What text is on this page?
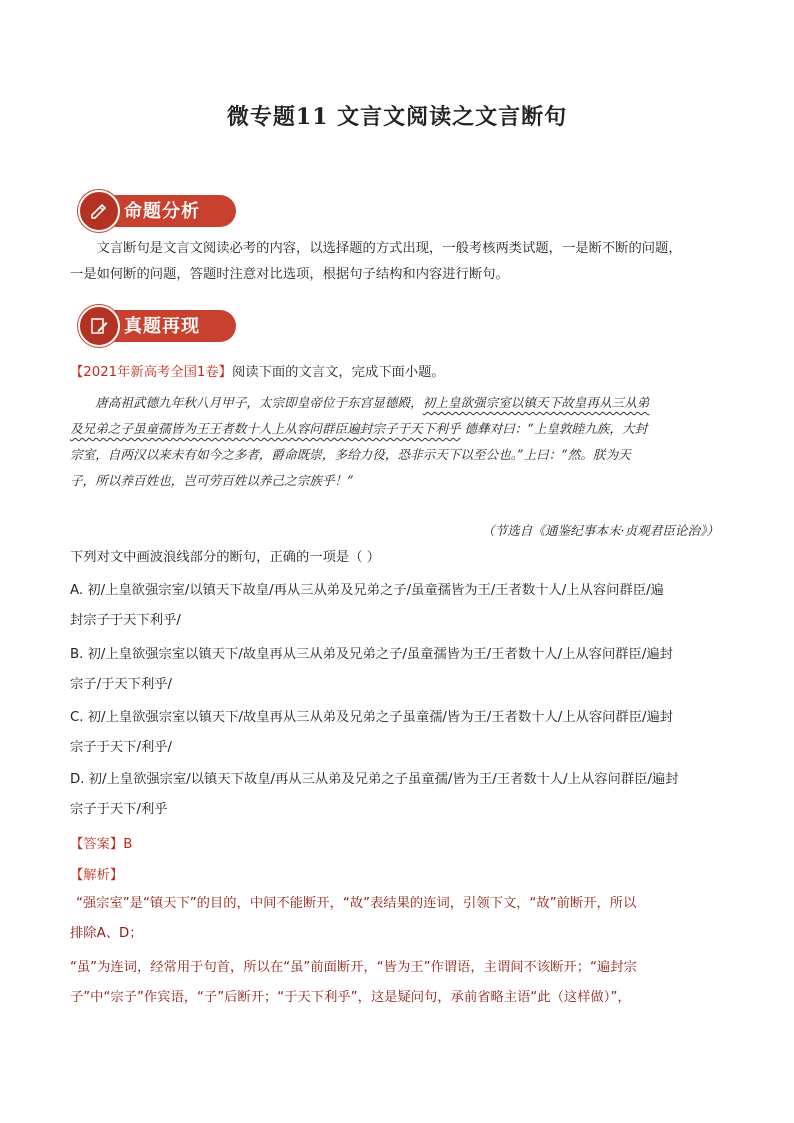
微专题11 文言文阅读之文言断句
命题分析
文言断句是文言文阅读必考的内容，以选择题的方式出现，一般考核两类试题，一是断不断的问题，
一是如何断的问题，答题时注意对比选项，根据句子结构和内容进行断句。
真题再现
【2021年新高考全国1卷】阅读下面的文言文，完成下面小题。
唐高祖武德九年秋八月甲子，太宗即皇帝位于东宫显德殿，初上皇欲强宗室以镇天下故皇再从三从弟
及兄弟之子虽童孺皆为王王者数十人上从容问群臣遍封宗子于天下利乎 德彝对曰：“上皇敦睦九族，大封
宗室，自两汉以来未有如今之多者，爵命既崇，多给力役，恐非示天下以至公也。”上曰：“然。朕为天
子，所以养百姓也，岂可劳百姓以养己之宗族乎！”
（节选自《通鉴纪事本末·贞观君臣论治》）
下列对文中画波浪线部分的断句，正确的一项是（ ）
A. 初/上皇欲强宗室/以镇天下故皇/再从三从弟及兄弟之子/虽童孺皆为王/王者数十人/上从容问群臣/遍
封宗子于天下利乎/
B. 初/上皇欲强宗室以镇天下/故皇再从三从弟及兄弟之子/虽童孺皆为王/王者数十人/上从容问群臣/遍封
宗子/于天下利乎/
C. 初/上皇欲强宗室以镇天下/故皇再从三从弟及兄弟之子虽童孺/皆为王/王者数十人/上从容问群臣/遍封
宗子于天下/利乎/
D. 初/上皇欲强宗室/以镇天下故皇/再从三从弟及兄弟之子虽童孺/皆为王/王者数十人/上从容问群臣/遍封
宗子于天下/利乎
【答案】B
【解析】
“强宗室”是“镇天下”的目的，中间不能断开，“故”表结果的连词，引领下文，“故”前断开，所以
排除A、D；
“虽”为连词，经常用于句首，所以在“虽”前面断开，“皆为王”作谓语，主谓间不该断开；“遍封宗
子”中“宗子”作宾语，“子”后断开；“于天下利乎”，这是疑问句，承前省略主语“此（这样做）”，
